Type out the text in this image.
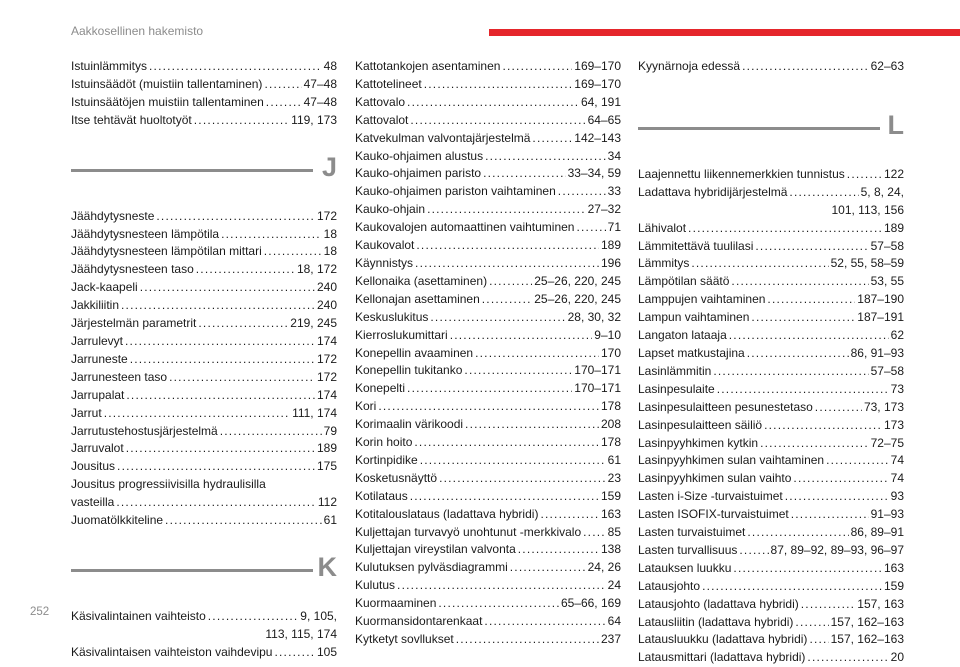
Aakkosellinen hakemisto
Istuinlämmitys .....	48
Istuinsäädöt (muistiin tallentaminen) .....	47–48
Istuinsäätöjen muistiin tallentaminen .....	47–48
Itse tehtävät huoltotyöt .....	119, 173
J
Jäähdytysneste .....	172
Jäähdytysnesteen lämpötila .....	18
Jäähdytysnesteen lämpötilan mittari .....	18
Jäähdytysnesteen taso .....	18, 172
Jack-kaapeli .....	240
Jakkiliitin .....	240
Järjestelmän parametrit .....	219, 245
Jarrulevyt .....	174
Jarruneste .....	172
Jarrunesteen taso .....	172
Jarrupalat .....	174
Jarrut .....	111, 174
Jarrutustehostusjärjestelmä .....	79
Jarruvalot .....	189
Jousitus .....	175
Jousitus progressiivisilla hydraulisilla
vasteilla .....	112
Juomatölkkiteline .....	61
K
Käsivalintainen vaihteisto .....	9, 105,
113, 115, 174
Käsivalintaisen vaihteiston vaihdevipu .....	105
Kattotankojen asentaminen .....	169–170
Kattotelineet .....	169–170
Kattovalo .....	64, 191
Kattovalot .....	64–65
Katvekulman valvontajärjestelmä .....	142–143
Kauko-ohjaimen alustus .....	34
Kauko-ohjaimen paristo .....	33–34, 59
Kauko-ohjaimen pariston vaihtaminen .....	33
Kauko-ohjain .....	27–32
Kaukovalojen automaattinen vaihtuminen .....	71
Kaukovalot .....	189
Käynnistys .....	196
Kellonaika (asettaminen) .....	25–26, 220, 245
Kellonajan asettaminen .....	25–26, 220, 245
Keskuslukitus .....	28, 30, 32
Kierroslukumittari .....	9–10
Konepellin avaaminen .....	170
Konepellin tukitanko .....	170–171
Konepelti .....	170–171
Kori .....	178
Korimaalin värikoodi .....	208
Korin hoito .....	178
Kortinpidike .....	61
Kosketusnäyttö .....	23
Kotilataus .....	159
Kotitalouslataus (ladattava hybridi) .....	163
Kuljettajan turvavyö unohtunut -merkkivalo ..... 85
Kuljettajan vireystilan valvonta .....	138
Kulutuksen pylväsdiagrammi .....	24, 26
Kulutus .....	24
Kuormaaminen .....	65–66, 169
Kuormansidontarenkaat .....	64
Kytketyt sovllukset .....	237
Kyynärnoja edessä .....	62–63
L
Laajennettu liikennemerkkien tunnistus .....	122
Ladattava hybridijärjestelmä .....	5, 8, 24,
101, 113, 156
Lähivalot .....	189
Lämmitettävä tuulilasi .....	57–58
Lämmitys .....	52, 55, 58–59
Lämpötilan säätö .....	53, 55
Lamppujen vaihtaminen .....	187–190
Lampun vaihtaminen .....	187–191
Langaton lataaja .....	62
Lapset matkustajina .....	86, 91–93
Lasinlämmitin .....	57–58
Lasinpesulaite .....	73
Lasinpesulaitteen pesunestetaso .....	73, 173
Lasinpesulaitteen säiliö .....	173
Lasinpyyhkimen kytkin .....	72–75
Lasinpyyhkimen sulan vaihtaminen .....	74
Lasinpyyhkimen sulan vaihto .....	74
Lasten i-Size -turvaistuimet .....	93
Lasten ISOFIX-turvaistuimet .....	91–93
Lasten turvaistuimet .....	86, 89–91
Lasten turvallisuus .....	87, 89–92, 89–93, 96–97
Latauksen luukku .....	163
Latausjohto .....	159
Latausjohto (ladattava hybridi) .....	157, 163
Latausliitin (ladattava hybridi) .....	157, 162–163
Latausluukku (ladattava hybridi) ..... 157, 162–163
Latausmittari (ladattava hybridi) .....	20
252
